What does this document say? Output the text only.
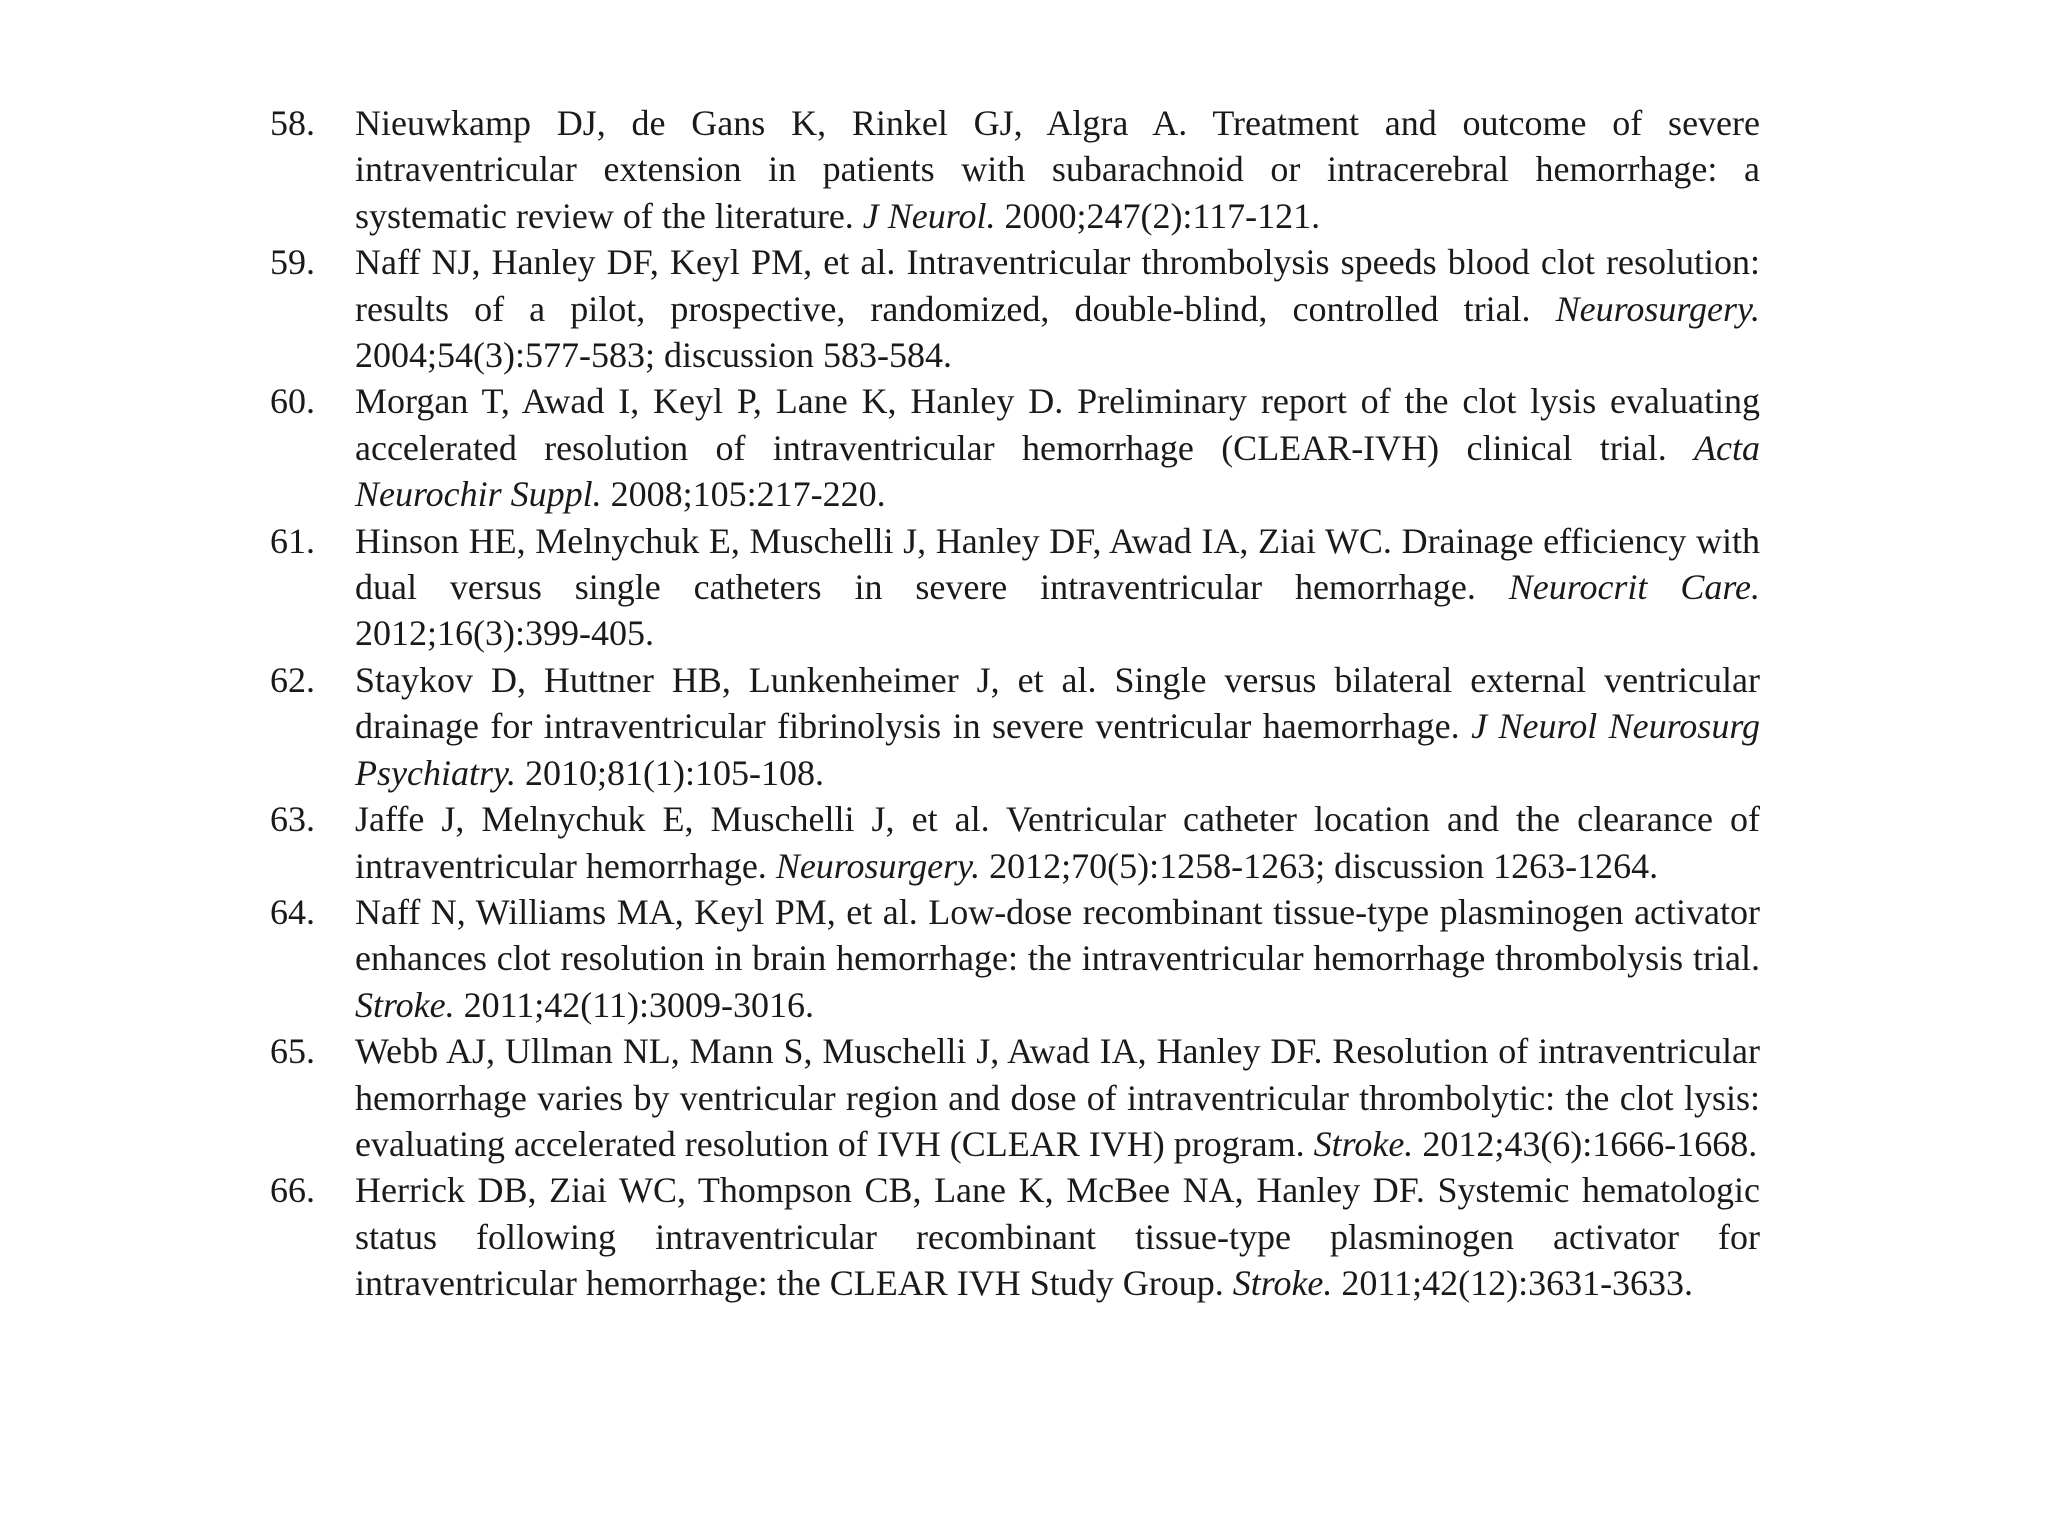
58. Nieuwkamp DJ, de Gans K, Rinkel GJ, Algra A. Treatment and outcome of severe intraventricular extension in patients with subarachnoid or intracerebral hemorrhage: a systematic review of the literature. J Neurol. 2000;247(2):117-121.
59. Naff NJ, Hanley DF, Keyl PM, et al. Intraventricular thrombolysis speeds blood clot resolution: results of a pilot, prospective, randomized, double-blind, controlled trial. Neurosurgery. 2004;54(3):577-583; discussion 583-584.
60. Morgan T, Awad I, Keyl P, Lane K, Hanley D. Preliminary report of the clot lysis evaluating accelerated resolution of intraventricular hemorrhage (CLEAR-IVH) clinical trial. Acta Neurochir Suppl. 2008;105:217-220.
61. Hinson HE, Melnychuk E, Muschelli J, Hanley DF, Awad IA, Ziai WC. Drainage efficiency with dual versus single catheters in severe intraventricular hemorrhage. Neurocrit Care. 2012;16(3):399-405.
62. Staykov D, Huttner HB, Lunkenheimer J, et al. Single versus bilateral external ventricular drainage for intraventricular fibrinolysis in severe ventricular haemorrhage. J Neurol Neurosurg Psychiatry. 2010;81(1):105-108.
63. Jaffe J, Melnychuk E, Muschelli J, et al. Ventricular catheter location and the clearance of intraventricular hemorrhage. Neurosurgery. 2012;70(5):1258-1263; discussion 1263-1264.
64. Naff N, Williams MA, Keyl PM, et al. Low-dose recombinant tissue-type plasminogen activator enhances clot resolution in brain hemorrhage: the intraventricular hemorrhage thrombolysis trial. Stroke. 2011;42(11):3009-3016.
65. Webb AJ, Ullman NL, Mann S, Muschelli J, Awad IA, Hanley DF. Resolution of intraventricular hemorrhage varies by ventricular region and dose of intraventricular thrombolytic: the clot lysis: evaluating accelerated resolution of IVH (CLEAR IVH) program. Stroke. 2012;43(6):1666-1668.
66. Herrick DB, Ziai WC, Thompson CB, Lane K, McBee NA, Hanley DF. Systemic hematologic status following intraventricular recombinant tissue-type plasminogen activator for intraventricular hemorrhage: the CLEAR IVH Study Group. Stroke. 2011;42(12):3631-3633.
